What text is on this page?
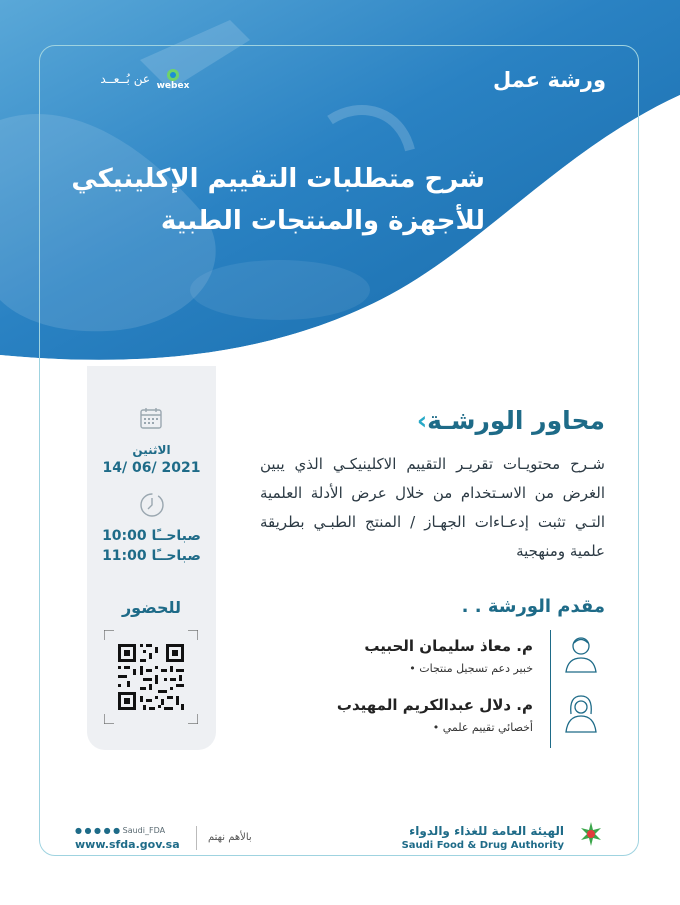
ورشة عمل
عن بُــعــد webex
شرح متطلبات التقييم الإكلينيكي
للأجهزة والمنتجات الطبية
الاثنين
14/ 06/ 2021
10:00 صباحــًا
11:00 صباحــًا
للحضور
محاور الورشـة›
شـرح محتويـات تقريـر التقييم الاكلينيكـي الذي يبين الغرض من الاسـتخدام من خلال عرض الأدلة العلمية التـي تثبت إدعـاءات الجهـاز / المنتج الطبـي بطريقة علمية ومنهجية
مقدم الورشة . .
م. معاذ سليمان الحبيب
خبير دعم تسجيل منتجات •
م. دلال عبدالكريم المهيدب
أخصائي تقييم علمي •
● ● ● ● ● Saudi_FDA
www.sfda.gov.sa
بالأهم نهتم	الهيئة العامة للغذاء والدواء
Saudi Food & Drug Authority
